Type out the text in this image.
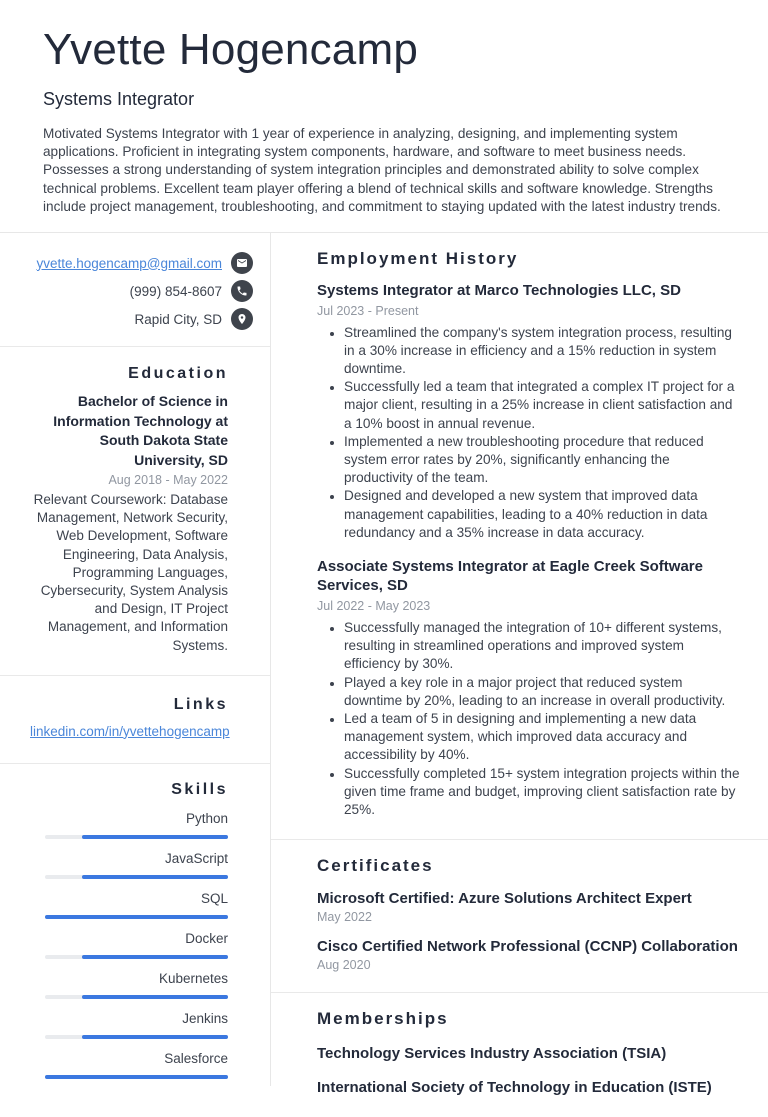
Yvette Hogencamp
Systems Integrator
Motivated Systems Integrator with 1 year of experience in analyzing, designing, and implementing system applications. Proficient in integrating system components, hardware, and software to meet business needs. Possesses a strong understanding of system integration principles and demonstrated ability to solve complex technical problems. Excellent team player offering a blend of technical skills and software knowledge. Strengths include project management, troubleshooting, and commitment to staying updated with the latest industry trends.
yvette.hogencamp@gmail.com
(999) 854-8607
Rapid City, SD
Education
Bachelor of Science in Information Technology at South Dakota State University, SD
Aug 2018 - May 2022
Relevant Coursework: Database Management, Network Security, Web Development, Software Engineering, Data Analysis, Programming Languages, Cybersecurity, System Analysis and Design, IT Project Management, and Information Systems.
Links
linkedin.com/in/yvettehogencamp
Skills
Python
JavaScript
SQL
Docker
Kubernetes
Jenkins
Salesforce
Employment History
Systems Integrator at Marco Technologies LLC, SD
Jul 2023 - Present
• Streamlined the company's system integration process, resulting in a 30% increase in efficiency and a 15% reduction in system downtime.
• Successfully led a team that integrated a complex IT project for a major client, resulting in a 25% increase in client satisfaction and a 10% boost in annual revenue.
• Implemented a new troubleshooting procedure that reduced system error rates by 20%, significantly enhancing the productivity of the team.
• Designed and developed a new system that improved data management capabilities, leading to a 40% reduction in data redundancy and a 35% increase in data accuracy.
Associate Systems Integrator at Eagle Creek Software Services, SD
Jul 2022 - May 2023
• Successfully managed the integration of 10+ different systems, resulting in streamlined operations and improved system efficiency by 30%.
• Played a key role in a major project that reduced system downtime by 20%, leading to an increase in overall productivity.
• Led a team of 5 in designing and implementing a new data management system, which improved data accuracy and accessibility by 40%.
• Successfully completed 15+ system integration projects within the given time frame and budget, improving client satisfaction rate by 25%.
Certificates
Microsoft Certified: Azure Solutions Architect Expert
May 2022
Cisco Certified Network Professional (CCNP) Collaboration
Aug 2020
Memberships
Technology Services Industry Association (TSIA)
International Society of Technology in Education (ISTE)
